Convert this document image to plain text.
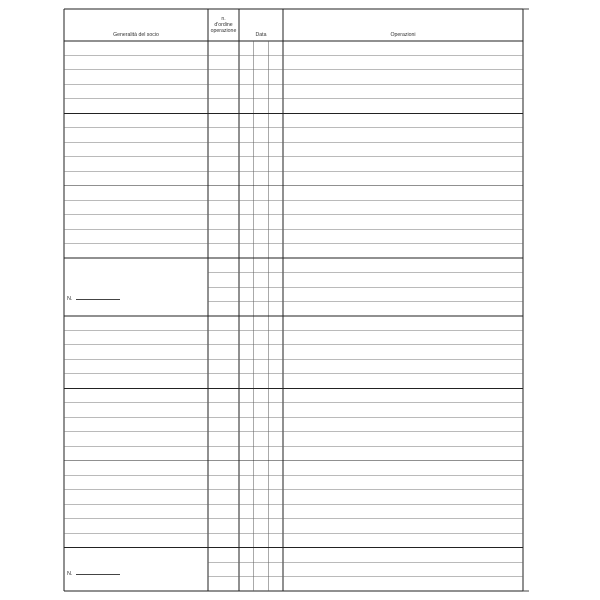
Generalità del socio
n.
d'ordine
operazione
Data	Operazioni
N.
N.
